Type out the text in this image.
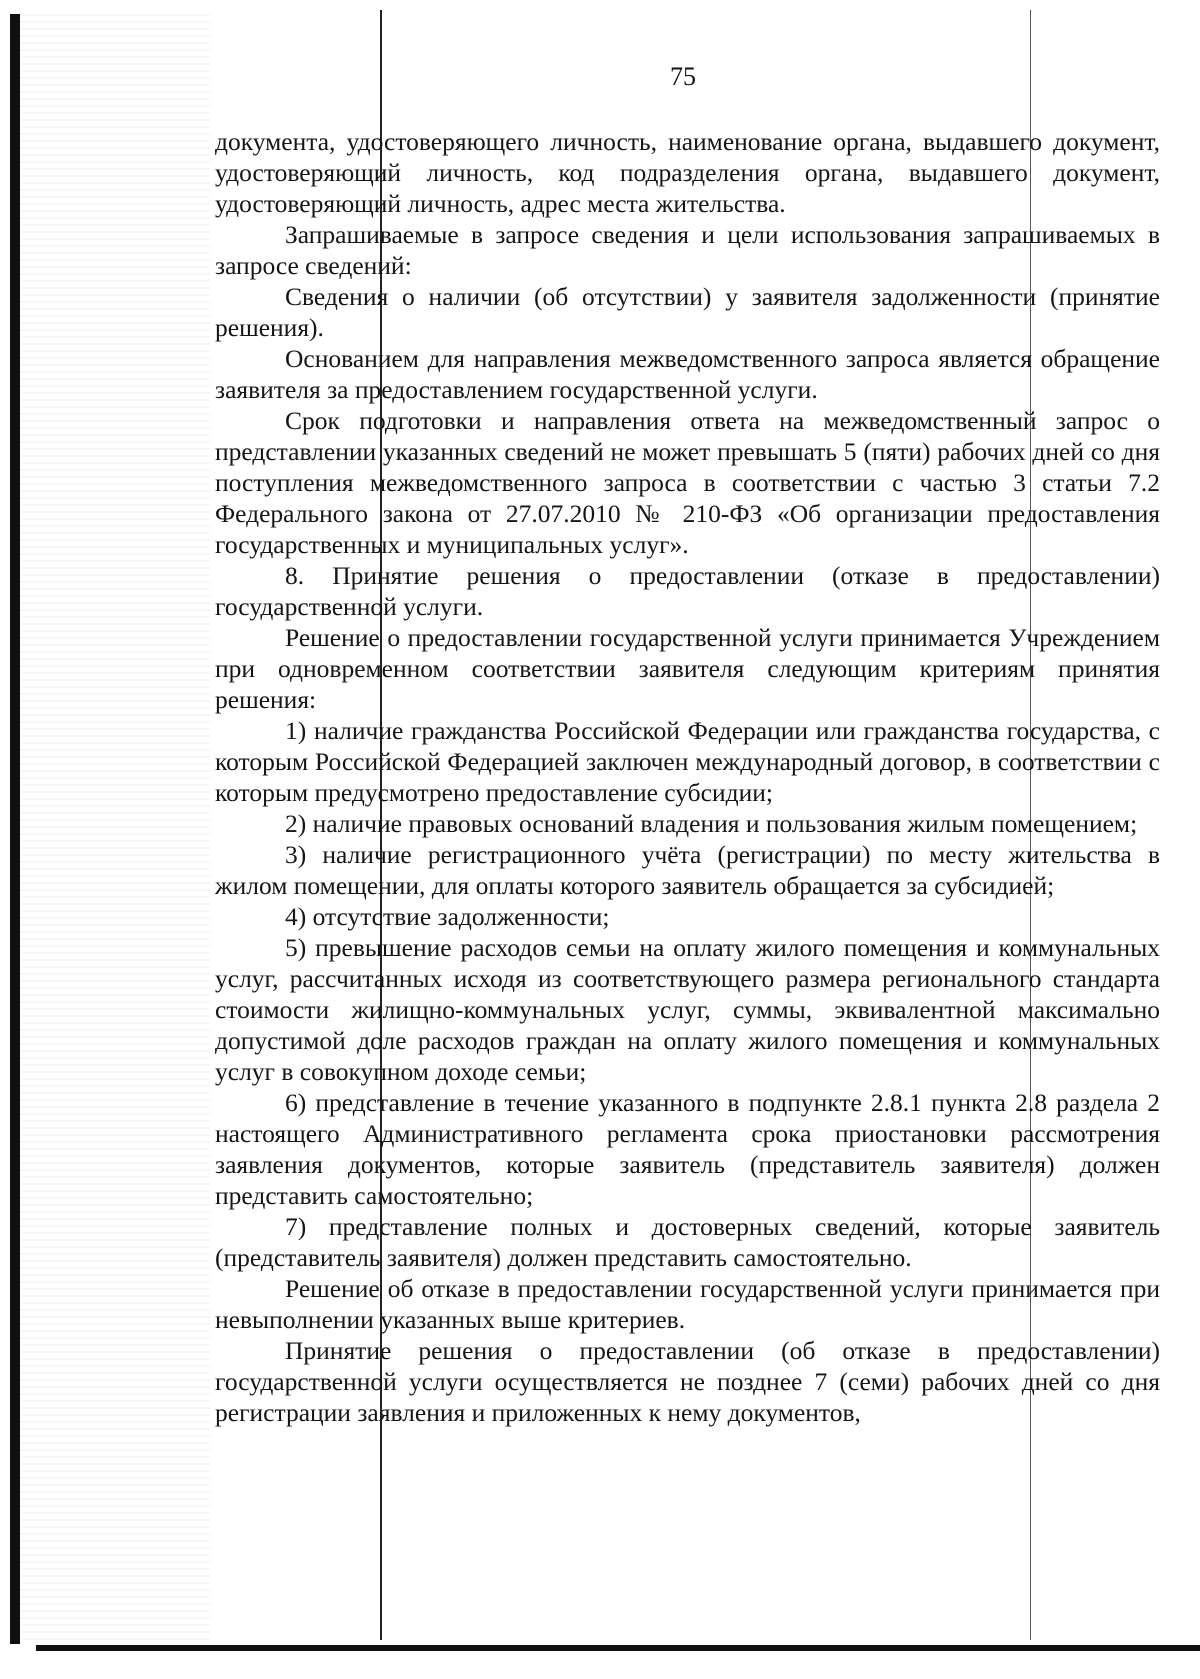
75

документа, удостоверяющего личность, наименование органа, выдавшего документ, удостоверяющий личность, код подразделения органа, выдавшего документ, удостоверяющий личность, адрес места жительства.

Запрашиваемые в запросе сведения и цели использования запрашиваемых в запросе сведений:

Сведения о наличии (об отсутствии) у заявителя задолженности (принятие решения).

Основанием для направления межведомственного запроса является обращение заявителя за предоставлением государственной услуги.

Срок подготовки и направления ответа на межведомственный запрос о представлении указанных сведений не может превышать 5 (пяти) рабочих дней со дня поступления межведомственного запроса в соответствии с частью 3 статьи 7.2 Федерального закона от 27.07.2010 № 210-ФЗ «Об организации предоставления государственных и муниципальных услуг».

8. Принятие решения о предоставлении (отказе в предоставлении) государственной услуги.

Решение о предоставлении государственной услуги принимается Учреждением при одновременном соответствии заявителя следующим критериям принятия решения:

1) наличие гражданства Российской Федерации или гражданства государства, с которым Российской Федерацией заключен международный договор, в соответствии с которым предусмотрено предоставление субсидии;

2) наличие правовых оснований владения и пользования жилым помещением;

3) наличие регистрационного учёта (регистрации) по месту жительства в жилом помещении, для оплаты которого заявитель обращается за субсидией;

4) отсутствие задолженности;

5) превышение расходов семьи на оплату жилого помещения и коммунальных услуг, рассчитанных исходя из соответствующего размера регионального стандарта стоимости жилищно-коммунальных услуг, суммы, эквивалентной максимально допустимой доле расходов граждан на оплату жилого помещения и коммунальных услуг в совокупном доходе семьи;

6) представление в течение указанного в подпункте 2.8.1 пункта 2.8 раздела 2 настоящего Административного регламента срока приостановки рассмотрения заявления документов, которые заявитель (представитель заявителя) должен представить самостоятельно;

7) представление полных и достоверных сведений, которые заявитель (представитель заявителя) должен представить самостоятельно.

Решение об отказе в предоставлении государственной услуги принимается при невыполнении указанных выше критериев.

Принятие решения о предоставлении (об отказе в предоставлении) государственной услуги осуществляется не позднее 7 (семи) рабочих дней со дня регистрации заявления и приложенных к нему документов,
